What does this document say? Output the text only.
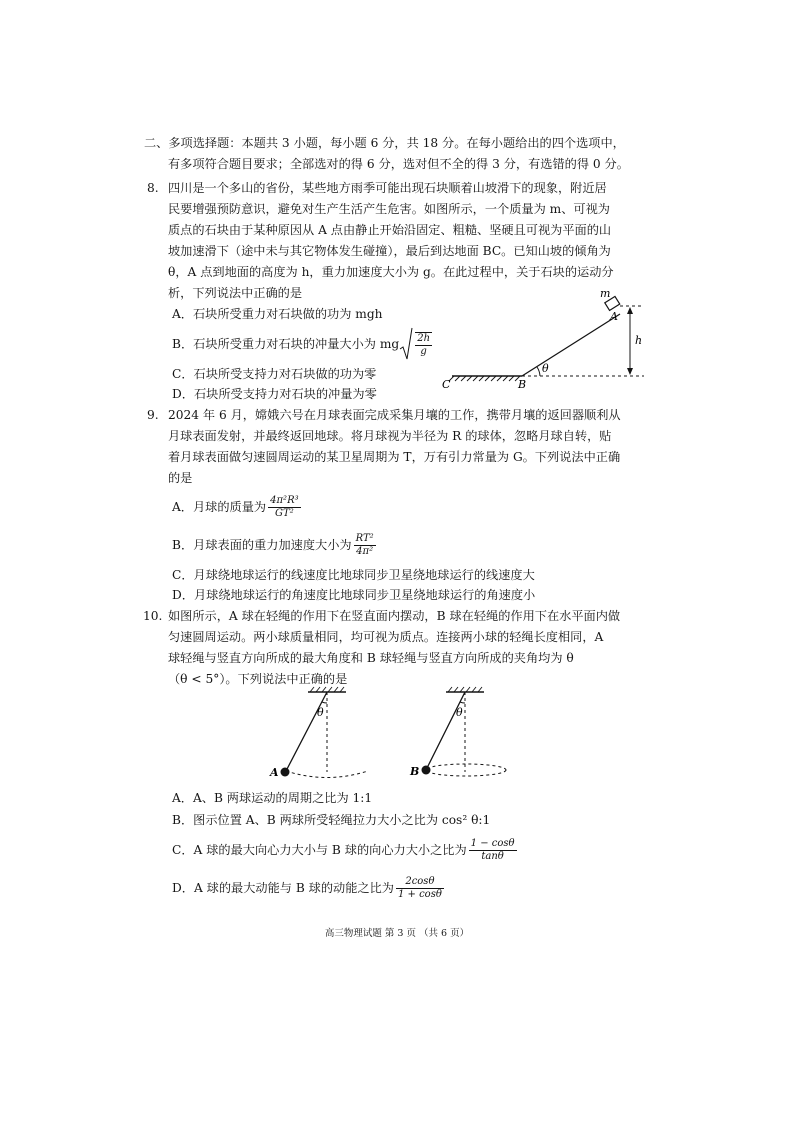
二、多项选择题：本题共 3 小题，每小题 6 分，共 18 分。在每小题给出的四个选项中，
有多项符合题目要求；全部选对的得 6 分，选对但不全的得 3 分，有选错的得 0 分。
8. 四川是一个多山的省份，某些地方雨季可能出现石块顺着山坡滑下的现象，附近居
民要增强预防意识，避免对生产生活产生危害。如图所示，一个质量为 m、可视为
质点的石块由于某种原因从 A 点由静止开始沿固定、粗糙、坚硬且可视为平面的山
坡加速滑下（途中未与其它物体发生碰撞），最后到达地面 BC。已知山坡的倾角为
θ，A 点到地面的高度为 h，重力加速度大小为 g。在此过程中，关于石块的运动分
析，下列说法中正确的是
A．石块所受重力对石块做的功为 mgh
B．石块所受重力对石块的冲量大小为 mg $\frac{2h}{g}$
C．石块所受支持力对石块做的功为零
D．石块所受支持力对石块的冲量为零
m
A
h
θ
B
C
9. 2024 年 6 月，嫦娥六号在月球表面完成采集月壤的工作，携带月壤的返回器顺利从
月球表面发射，并最终返回地球。将月球视为半径为 R 的球体，忽略月球自转，贴
着月球表面做匀速圆周运动的某卫星周期为 T，万有引力常量为 G。下列说法中正确
的是
A．月球的质量为 $\frac{\text{4π²R³}}{\text{GT²}}$
B．月球表面的重力加速度大小为 $\frac{\text{RT²}}{\text{4π²}}$
C．月球绕地球运行的线速度比地球同步卫星绕地球运行的线速度大
D．月球绕地球运行的角速度比地球同步卫星绕地球运行的角速度小
10. 如图所示，A 球在轻绳的作用下在竖直面内摆动，B 球在轻绳的作用下在水平面内做
匀速圆周运动。两小球质量相同，均可视为质点。连接两小球的轻绳长度相同，A
球轻绳与竖直方向所成的最大角度和 B 球轻绳与竖直方向所成的夹角均为 θ
（θ < 5°）。下列说法中正确的是
θ
A
θ
B
A．A、B 两球运动的周期之比为 1:1
B．图示位置 A、B 两球所受轻绳拉力大小之比为 cos² θ:1
C．A 球的最大向心力大小与 B 球的向心力大小之比为 $\frac{1 - \cos\theta}{\tan\theta}$
D．A 球的最大动能与 B 球的动能之比为 $\frac{2\cos\theta}{1 + \cos\theta}$
高三物理试题 第 3 页 （共 6 页）
